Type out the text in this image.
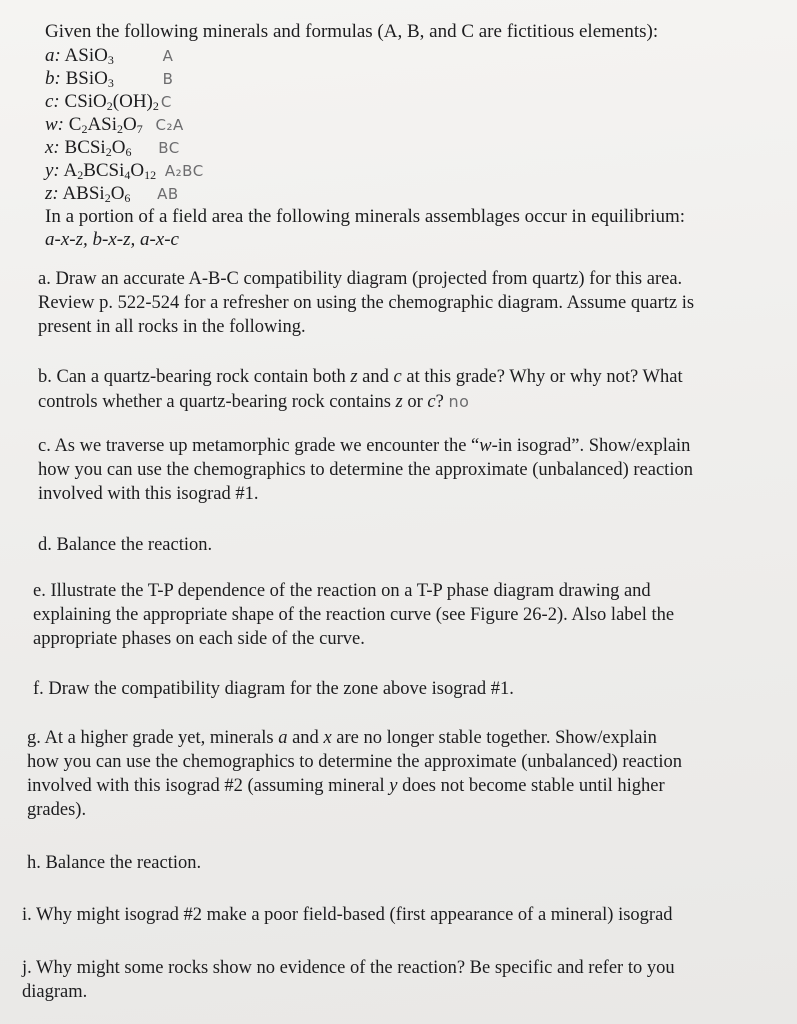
Given the following minerals and formulas (A, B, and C are fictitious elements):
a: ASiO$_3$	A
b: BSiO$_3$	B
c: $CSiO_2(OH)_2$ C
w: $C_2ASi_2O_7$ C₂A
x: $BCSi_2O_6$ BC
y: $A_2BCSi_4O_{12}$ A₂BC
z: $ABSi_2O_6$ AB
In a portion of a field area the following minerals assemblages occur in equilibrium:
a-x-z, b-x-z, a-x-c
a. Draw an accurate A-B-C compatibility diagram (projected from quartz) for this area.
Review p. 522-524 for a refresher on using the chemographic diagram. Assume quartz is
present in all rocks in the following.
b. Can a quartz-bearing rock contain both z and c at this grade? Why or why not? What
controls whether a quartz-bearing rock contains z or c? no
c. As we traverse up metamorphic grade we encounter the “w-in isograd”. Show/explain
how you can use the chemographics to determine the approximate (unbalanced) reaction
involved with this isograd #1.
d. Balance the reaction.
e. Illustrate the T-P dependence of the reaction on a T-P phase diagram drawing and
explaining the appropriate shape of the reaction curve (see Figure 26-2). Also label the
appropriate phases on each side of the curve.
f. Draw the compatibility diagram for the zone above isograd #1.
g. At a higher grade yet, minerals a and x are no longer stable together. Show/explain
how you can use the chemographics to determine the approximate (unbalanced) reaction
involved with this isograd #2 (assuming mineral y does not become stable until higher
grades).
h. Balance the reaction.
i. Why might isograd #2 make a poor field-based (first appearance of a mineral) isograd
j. Why might some rocks show no evidence of the reaction? Be specific and refer to you
diagram.
